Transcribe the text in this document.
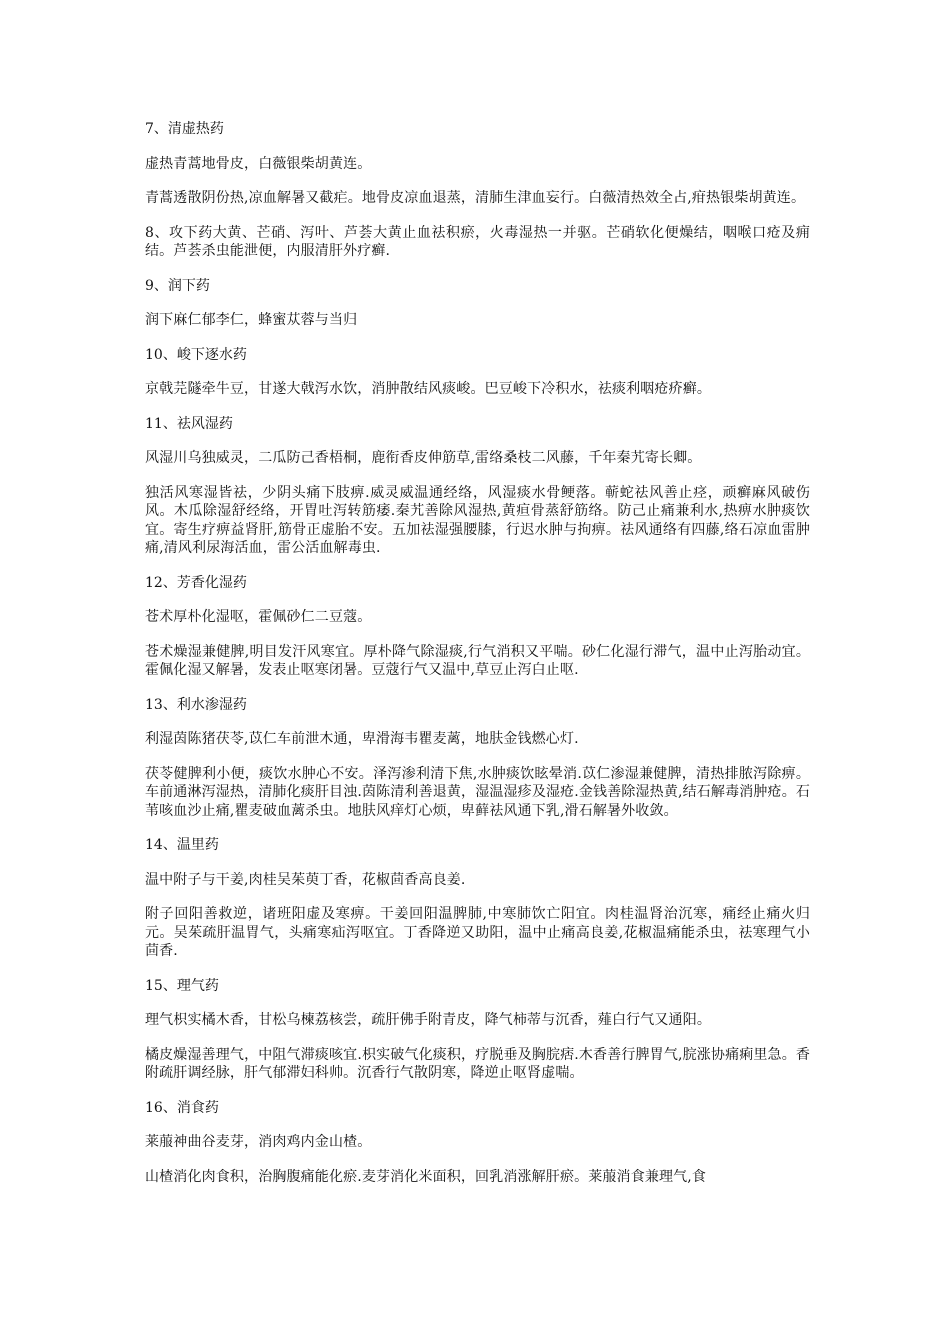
7、清虚热药

虚热青蒿地骨皮，白薇银柴胡黄连。

青蒿透散阴份热,凉血解暑又截疟。地骨皮凉血退蒸，清肺生津血妄行。白薇清热效全占,疳热银柴胡黄连。

8、攻下药大黄、芒硝、泻叶、芦荟大黄止血祛积瘀，火毒湿热一并驱。芒硝软化便燥结，咽喉口疮及痈结。芦荟杀虫能泄便，内服清肝外疗癣.

9、润下药

润下麻仁郁李仁，蜂蜜苁蓉与当归

10、峻下逐水药

京戟芫隧牵牛豆，甘遂大戟泻水饮，消肿散结风痰峻。巴豆峻下冷积水，祛痰利咽疮疥癣。

11、祛风湿药

风湿川乌独威灵，二瓜防己香梧桐，鹿衔香皮伸筋草,雷络桑枝二风藤，千年秦艽寄长卿。

独活风寒湿皆祛，少阴头痛下肢痹.威灵威温通经络，风湿痰水骨鲠落。蕲蛇祛风善止痉，顽癣麻风破伤风。木瓜除湿舒经络，开胃吐泻转筋痿.秦艽善除风湿热,黄疸骨蒸舒筋络。防己止痛兼利水,热痹水肿痰饮宜。寄生疗痹益肾肝,筋骨正虚胎不安。五加祛湿强腰膝，行迟水肿与拘痹。祛风通络有四藤,络石凉血雷肿痛,清风利尿海活血，雷公活血解毒虫.

12、芳香化湿药

苍术厚朴化湿呕，霍佩砂仁二豆蔻。

苍术燥湿兼健脾,明目发汗风寒宜。厚朴降气除湿痰,行气消积又平喘。砂仁化湿行滞气，温中止泻胎动宜。霍佩化湿又解暑，发表止呕寒闭暑。豆蔻行气又温中,草豆止泻白止呕.

13、利水渗湿药

利湿茵陈猪茯苓,苡仁车前泄木通，卑滑海韦瞿麦蓠，地肤金钱燃心灯.

茯苓健脾利小便，痰饮水肿心不安。泽泻渗利清下焦,水肿痰饮眩晕消.苡仁渗湿兼健脾，清热排脓泻除痹。车前通淋泻湿热，清肺化痰肝目浊.茵陈清利善退黄，湿温湿疹及湿疮.金钱善除湿热黄,结石解毒消肿疮。石苇咳血沙止痛,瞿麦破血蓠杀虫。地肤风痒灯心烦，卑藓祛风通下乳,滑石解暑外收敛。

14、温里药

温中附子与干姜,肉桂吴茱萸丁香，花椒茴香高良姜.

附子回阳善救逆，诸班阳虚及寒痹。干姜回阳温脾肺,中寒肺饮亡阳宜。肉桂温肾治沉寒，痛经止痛火归元。吴茱疏肝温胃气，头痛寒疝泻呕宜。丁香降逆又助阳，温中止痛高良姜,花椒温痛能杀虫，祛寒理气小茴香.

15、理气药

理气枳实橘木香，甘松乌楝荔核尝，疏肝佛手附青皮，降气柿蒂与沉香，薤白行气又通阳。

橘皮燥湿善理气，中阻气滞痰咳宜.枳实破气化痰积，疗脱垂及胸脘痞.木香善行脾胃气,脘涨协痛痢里急。香附疏肝调经脉，肝气郁滞妇科帅。沉香行气散阴寒，降逆止呕肾虚喘。

16、消食药

莱菔神曲谷麦芽，消肉鸡内金山楂。

山楂消化肉食积，治胸腹痛能化瘀.麦芽消化米面积，回乳消涨解肝瘀。莱菔消食兼理气,食
